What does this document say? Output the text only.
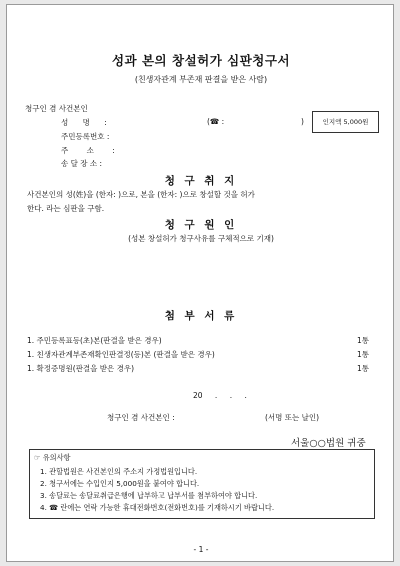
성과 본의 창설허가 심판청구서
(친생자관계 부존재 판결을 받은 사람)
청구인 겸 사건본인
성 명 :	(☎ :	)
주민등록번호 :
주 소 :
송 달 장 소 :
인지액 5,000원
청 구 취 지
사건본인의 성(姓)을 (한자: )으로, 본을 (한자: )으로 창설할 것을 허가
한다. 라는 심판을 구함.
청 구 원 인
(성본 창설허가 청구사유를 구체적으로 기재)
첨 부 서 류
1. 주민등록표등(초)본(판결을 받은 경우)	1통
1. 친생자관계부존재확인판결정(등)본 (판결을 받은 경우)	1통
1. 확정증명원(판결을 받은 경우)	1통
20 . . .
청구인 겸 사건본인 :	(서명 또는 날인)
서울○○법원 귀중
☞ 유의사항
1. 관할법원은 사건본인의 주소지 가정법원입니다.
2. 청구서에는 수입인지 5,000원을 붙여야 합니다.
3. 송달료는 송달료취급은행에 납부하고 납부서를 첨부하여야 합니다.
4. ☎ 란에는 연락 가능한 휴대전화번호(전화번호)를 기재하시기 바랍니다.
- 1 -
